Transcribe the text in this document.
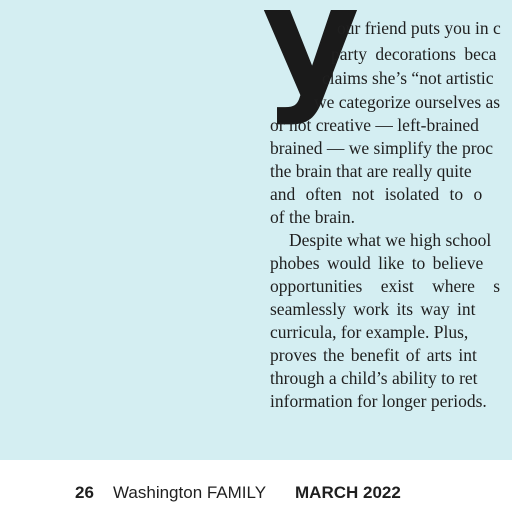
y
our friend puts you in c
party decorations beca
claims she’s “not artistic
we categorize ourselves as
or not creative — left-brained
brained — we simplify the proc
the brain that are really quite
and often not isolated to o
of the brain.
Despite what we high school
phobes would like to believe
opportunities exist where s
seamlessly work its way int
curricula, for example. Plus,
proves the benefit of arts int
through a child’s ability to ret
information for longer periods.
26 Washington FAMILY MARCH 2022
